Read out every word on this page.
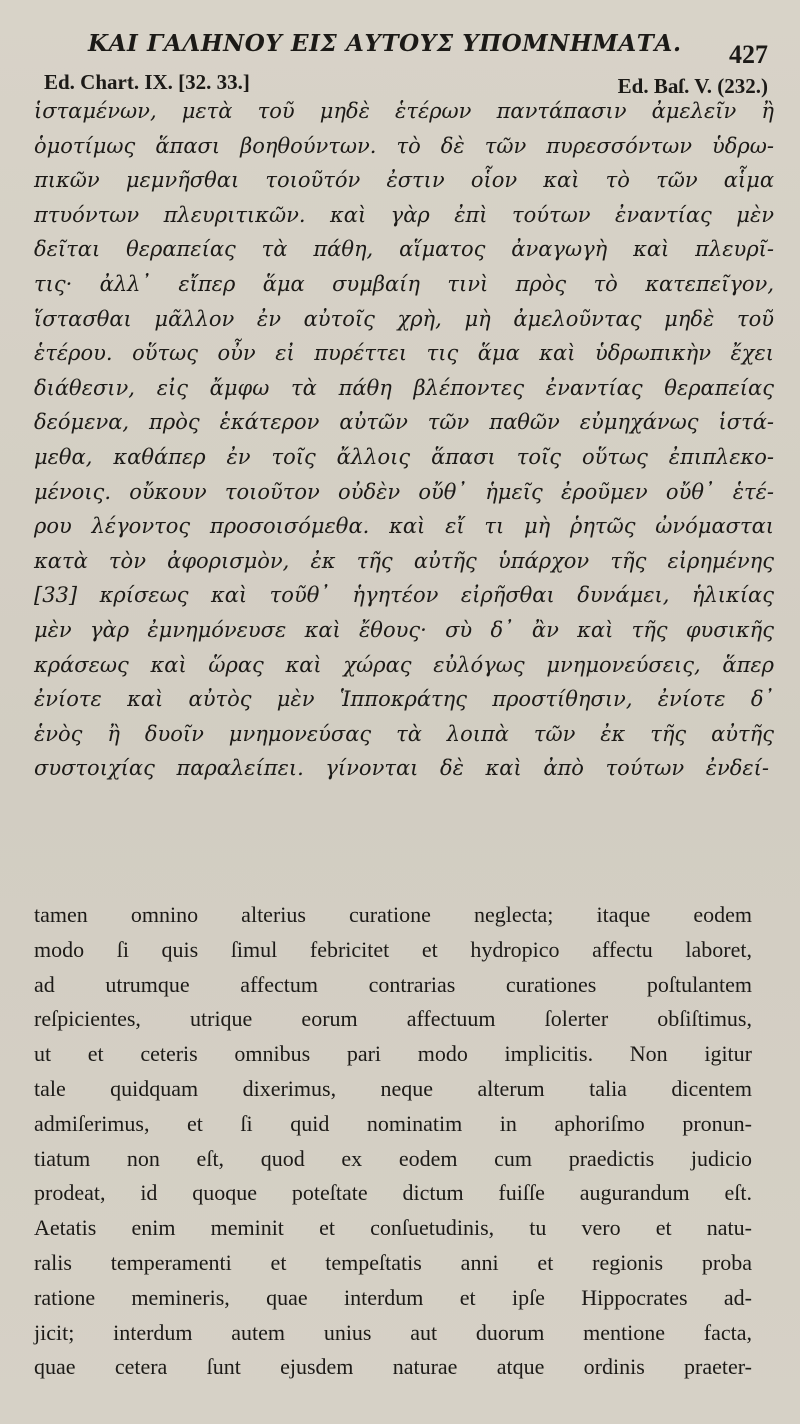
ΚΑΙ ΓΑΛΗΝΟΥ ΕΙΣ ΑΥΤΟΥΣ ΥΠΟΜΝΗΜΑΤΑ. 427
Ed. Chart. IX. [32. 33.]	Ed. Baſ. V. (232.)
ἱσταμένων, μετὰ τοῦ μηδὲ ἑτέρων παντάπασιν ἀμελεῖν ἢ
ὁμοτίμως ἅπασι βοηθούντων. τὸ δὲ τῶν πυρεσσόντων ὑδρω-
πικῶν μεμνῆσθαι τοιοῦτόν ἐστιν οἷον καὶ τὸ τῶν αἷμα
πτυόντων πλευριτικῶν. καὶ γὰρ ἐπὶ τούτων ἐναντίας μὲν
δεῖται θεραπείας τὰ πάθη, αἵματος ἀναγωγὴ καὶ πλευρῖ-
τις· ἀλλ᾽ εἴπερ ἅμα συμβαίη τινὶ πρὸς τὸ κατεπεῖγον,
ἵστασθαι μᾶλλον ἐν αὐτοῖς χρὴ, μὴ ἀμελοῦντας μηδὲ τοῦ
ἑτέρου. οὕτως οὖν εἰ πυρέττει τις ἅμα καὶ ὑδρωπικὴν ἔχει
διάθεσιν, εἰς ἄμφω τὰ πάθη βλέποντες ἐναντίας θεραπείας
δεόμενα, πρὸς ἑκάτερον αὐτῶν τῶν παθῶν εὐμηχάνως ἱστά-
μεθα, καθάπερ ἐν τοῖς ἄλλοις ἅπασι τοῖς οὕτως ἐπιπλεκο-
μένοις. οὔκουν τοιοῦτον οὐδὲν οὔθ᾽ ἡμεῖς ἐροῦμεν οὔθ᾽ ἑτέ-
ρου λέγοντος προσοισόμεθα. καὶ εἴ τι μὴ ῥητῶς ὠνόμασται
κατὰ τὸν ἀφορισμὸν, ἐκ τῆς αὐτῆς ὑπάρχον τῆς εἰρημένης
[33] κρίσεως καὶ τοῦθ᾽ ἡγητέον εἰρῆσθαι δυνάμει, ἡλικίας
μὲν γὰρ ἐμνημόνευσε καὶ ἔθους· σὺ δ᾽ ἂν καὶ τῆς φυσικῆς
κράσεως καὶ ὥρας καὶ χώρας εὐλόγως μνημονεύσεις, ἅπερ
ἐνίοτε καὶ αὐτὸς μὲν Ἱπποκράτης προστίθησιν, ἐνίοτε δ᾽
ἑνὸς ἢ δυοῖν μνημονεύσας τὰ λοιπὰ τῶν ἐκ τῆς αὐτῆς
συστοιχίας παραλείπει. γίνονται δὲ καὶ ἀπὸ τούτων ἐνδεί-
tamen omnino alterius curatione neglecta; itaque eodem
modo ſi quis ſimul febricitet et hydropico affectu laboret,
ad utrumque affectum contrarias curationes poſtulantem
reſpicientes, utrique eorum affectuum ſolerter obſiſtimus,
ut et ceteris omnibus pari modo implicitis. Non igitur
tale quidquam dixerimus, neque alterum talia dicentem
admiſerimus, et ſi quid nominatim in aphoriſmo pronun-
tiatum non eſt, quod ex eodem cum praedictis judicio
prodeat, id quoque poteſtate dictum fuiſſe augurandum eſt.
Aetatis enim meminit et conſuetudinis, tu vero et natu-
ralis temperamenti et tempeſtatis anni et regionis proba
ratione memineris, quae interdum et ipſe Hippocrates ad-
jicit; interdum autem unius aut duorum mentione facta,
quae cetera ſunt ejusdem naturae atque ordinis praeter-
